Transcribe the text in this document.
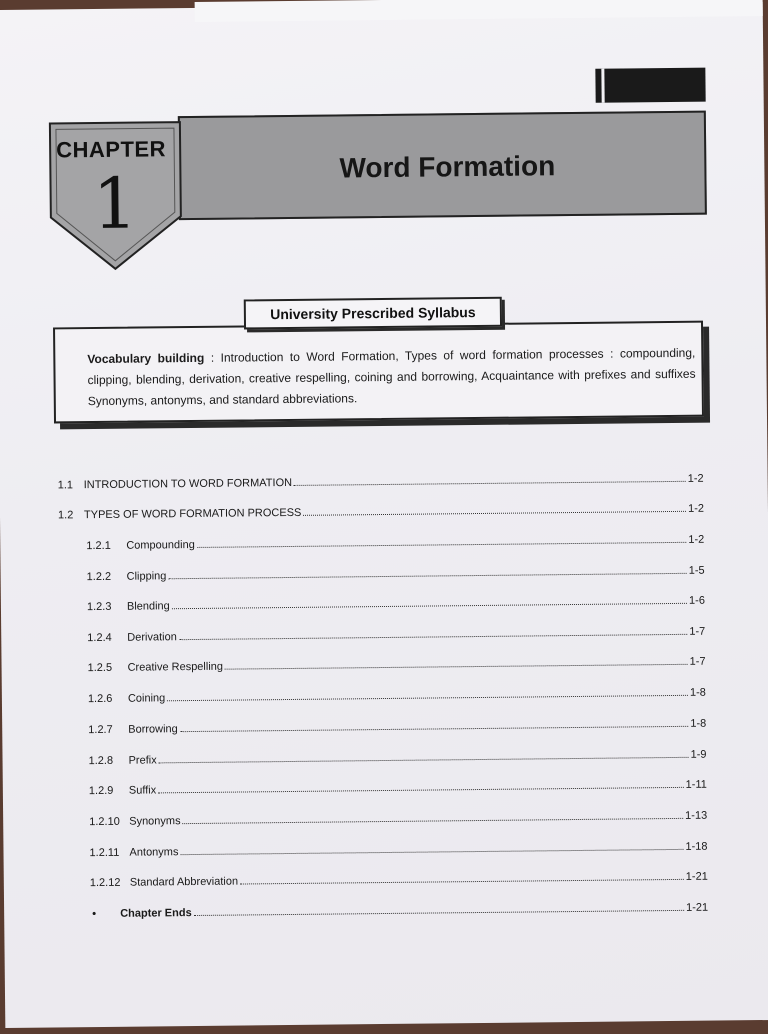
Word Formation
CHAPTER
1
Vocabulary building : Introduction to Word Formation, Types of word formation processes : compounding, clipping, blending, derivation, creative respelling, coining and borrowing, Acquaintance with prefixes and suffixes Synonyms, antonyms, and standard abbreviations.
University Prescribed Syllabus
1.1 INTRODUCTION TO WORD FORMATION	1-2
1.2 TYPES OF WORD FORMATION PROCESS	1-2
1.2.1	Compounding	1-2
1.2.2	Clipping	1-5
1.2.3	Blending	1-6
1.2.4	Derivation	1-7
1.2.5	Creative Respelling	1-7
1.2.6	Coining	1-8
1.2.7	Borrowing	1-8
1.2.8	Prefix	1-9
1.2.9	Suffix	1-11
1.2.10 Synonyms	1-13
1.2.11 Antonyms	1-18
1.2.12 Standard Abbreviation	1-21
•	Chapter Ends	1-21
